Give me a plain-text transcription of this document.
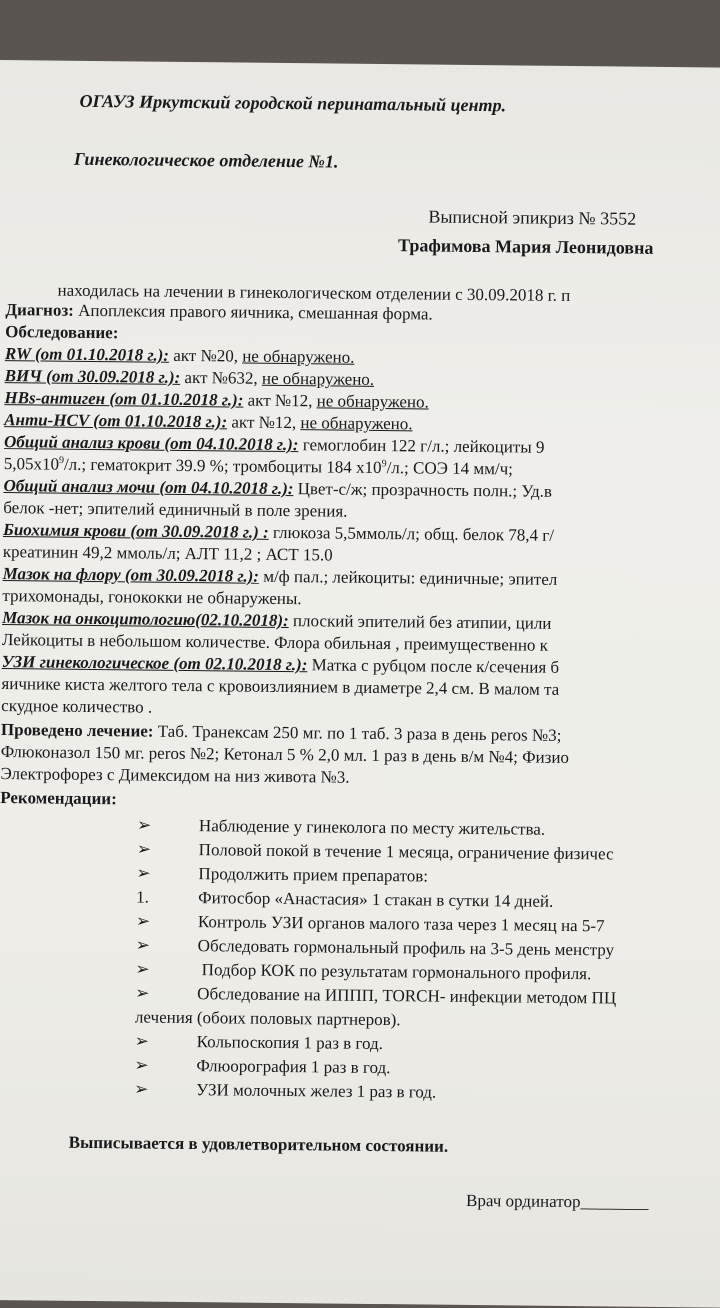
ОГАУЗ Иркутский городской перинатальный центр.
Гинекологическое отделение №1.
Выписной эпикриз № 3552
Трафимова Мария Леонидовна
находилась на лечении в гинекологическом отделении с 30.09.2018 г. п
Диагноз: Апоплексия правого яичника, смешанная форма.
Обследование:
RW (от 01.10.2018 г.): акт №20, не обнаружено.
ВИЧ (от 30.09.2018 г.): акт №632, не обнаружено.
HBs-антиген (от 01.10.2018 г.): акт №12, не обнаружено.
Анти-HCV (от 01.10.2018 г.): акт №12, не обнаружено.
Общий анализ крови (от 04.10.2018 г.): гемоглобин 122 г/л.; лейкоциты 9
$5,05х10^9/л$.; гематокрит 39.9 %; тромбоциты 184 $х10^9/л$.; СОЭ 14 мм/ч;
Общий анализ мочи (от 04.10.2018 г.): Цвет-с/ж; прозрачность полн.; Уд.в
белок -нет; эпителий единичный в поле зрения.
Биохимия крови (от 30.09.2018 г.) : глюкоза 5,5ммоль/л; общ. белок 78,4 г/
креатинин 49,2 ммоль/л; АЛТ 11,2 ; АСТ 15.0
Мазок на флору (от 30.09.2018 г.): м/ф пал.; лейкоциты: единичные; эпител
трихомонады, гонококки не обнаружены.
Мазок на онкоцитологию(02.10.2018): плоский эпителий без атипии, цили
Лейкоциты в небольшом количестве. Флора обильная , преимущественно к
УЗИ гинекологическое (от 02.10.2018 г.): Матка с рубцом после к/сечения б
яичнике киста желтого тела с кровоизлиянием в диаметре 2,4 см. В малом та
скудное количество .
Проведено лечение: Таб. Транексам 250 мг. по 1 таб. 3 раза в день peros №3;
Флюконазол 150 мг. peros №2; Кетонал 5 % 2,0 мл. 1 раз в день в/м №4; Физио
Электрофорез с Димексидом на низ живота №3.
Рекомендации:
➢	Наблюдение у гинеколога по месту жительства.
➢	Половой покой в течение 1 месяца, ограничение физичес
➢	Продолжить прием препаратов:
1.	Фитосбор «Анастасия» 1 стакан в сутки 14 дней.
➢	Контроль УЗИ органов малого таза через 1 месяц на 5-7
➢	Обследовать гормональный профиль на 3-5 день менстру
➢	Подбор КОК по результатам гормонального профиля.
➢	Обследование на ИППП, TORCH- инфекции методом ПЦ
лечения (обоих половых партнеров).
➢	Кольпоскопия 1 раз в год.
➢	Флюорография 1 раз в год.
➢	УЗИ молочных желез 1 раз в год.
Выписывается в удовлетворительном состоянии.
Врач ординатор________
